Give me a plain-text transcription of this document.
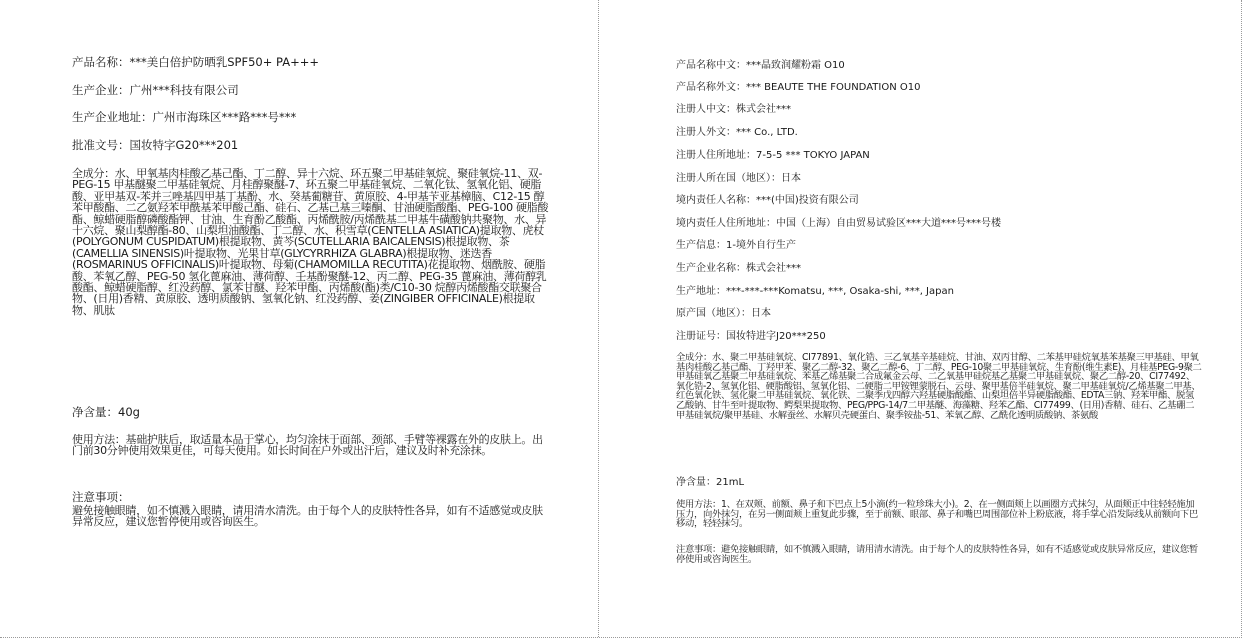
产品名称：***美白倍护防晒乳SPF50+ PA+++

生产企业：广州***科技有限公司

生产企业地址：广州市海珠区***路***号***

批准文号：国妆特字G20***201

全成分：水、甲氧基肉桂酸乙基己酯、丁二醇、异十六烷、环五聚二甲基硅氧烷、聚硅氧烷-11、双-PEG-15 甲基醚聚二甲基硅氧烷、月桂醇聚醚-7、环五聚二甲基硅氧烷、二氧化钛、氢氧化铝、硬脂酸、亚甲基双-苯并三唑基四甲基丁基酚、水、癸基葡糖苷、黄原胶、4-甲基苄亚基樟脑、C12-15 醇苯甲酸酯、二乙氨羟苯甲酰基苯甲酸己酯、硅石、乙基己基三嗪酮、甘油硬脂酸酯、PEG-100 硬脂酸酯、鲸蜡硬脂醇磷酸酯钾、甘油、生育酚乙酸酯、丙烯酰胺/丙烯酰基二甲基牛磺酸钠共聚物、水、异十六烷、聚山梨醇酯-80、山梨坦油酸酯、丁二醇、水、积雪草(CENTELLA ASIATICA)提取物、虎杖(POLYGONUM CUSPIDATUM)根提取物、黄芩(SCUTELLARIA BAICALENSIS)根提取物、茶(CAMELLIA SINENSIS)叶提取物、光果甘草(GLYCYRRHIZA GLABRA)根提取物、迷迭香(ROSMARINUS OFFICINALIS)叶提取物、母菊(CHAMOMILLA RECUTITA)花提取物、烟酰胺、硬脂酸、苯氧乙醇、PEG-50 氢化蓖麻油、薄荷醇、壬基酚聚醚-12、丙二醇、PEG-35 蓖麻油、薄荷醇乳酸酯、鲸蜡硬脂醇、红没药醇、氯苯甘醚、羟苯甲酯、丙烯酸(酯)类/C10-30 烷醇丙烯酸酯交联聚合物、(日用)香精、黄原胶、透明质酸钠、氢氧化钠、红没药醇、姜(ZINGIBER OFFICINALE)根提取物、肌肽

净含量：40g

使用方法：基础护肤后，取适量本品于掌心，均匀涂抹于面部、颈部、手臂等裸露在外的皮肤上。出门前30分钟使用效果更佳，可每天使用。如长时间在户外或出汗后，建议及时补充涂抹。

注意事项：

避免接触眼睛，如不慎溅入眼睛，请用清水清洗。由于每个人的皮肤特性各异，如有不适感觉或皮肤异常反应，建议您暂停使用或咨询医生。

产品名称中文：***晶致润耀粉霜 O10

产品名称外文：*** BEAUTE THE FOUNDATION O10

注册人中文：株式会社***

注册人外文：*** Co., LTD.

注册人住所地址：7-5-5 *** TOKYO JAPAN

注册人所在国（地区）：日本

境内责任人名称：***(中国)投资有限公司

境内责任人住所地址：中国（上海）自由贸易试验区***大道***号***号楼

生产信息：1-境外自行生产

生产企业名称：株式会社***

生产地址：***-***-***Komatsu, ***, Osaka-shi, ***, Japan

原产国（地区）：日本

注册证号：国妆特进字J20***250

全成分：水、聚二甲基硅氧烷、CI77891、氧化锆、三乙氧基辛基硅烷、甘油、双丙甘醇、二苯基甲硅烷氧基苯基聚三甲基硅、甲氧基肉桂酸乙基己酯、丁羟甲苯、聚乙二醇-32、聚乙二醇-6、丁二醇、PEG-10聚二甲基硅氧烷、生育酚(维生素E)、月桂基PEG-9聚二甲基硅氧乙基聚二甲基硅氧烷、苯基乙烯基聚二合成氟金云母、二乙氧基甲硅烷基乙基聚二甲基硅氧烷、聚乙二醇-20、CI77492、氧化锆-2、氢氧化铝、硬脂酸铝、氢氧化铝、二硬脂二甲铵锂蒙脱石、云母、聚甲基倍半硅氧烷、聚二甲基硅氧烷/乙烯基聚二甲基、红色氧化铁、氢化聚二甲基硅氧烷、氧化铁、二聚季戊四醇六羟基硬脂酸酯、山梨坦倍半异硬脂酸酯、EDTA三钠、羟苯甲酯、脱氢乙酸钠、甘牛至叶提取物、鳄梨果提取物、PEG/PPG-14/7二甲基醚、海藻糖、羟苯乙酯、CI77499、(日用)香精、硅石、乙基硼二甲基硅氧烷/聚甲基硅、水解蚕丝、水解贝壳硬蛋白、聚季铵盐-51、苯氧乙醇、乙酰化透明质酸钠、茶氨酸

净含量：21mL

使用方法：1、在双颊、前额、鼻子和下巴点上5小滴(约一粒珍珠大小)。2、在一侧面颊上以画圈方式抹匀，从面颊正中往轻轻施加压力，向外抹匀，在另一侧面颊上重复此步骤，至于前额、眼部、鼻子和嘴巴周围部位补上粉底液，将手掌心沿发际线从前额向下巴移动，轻轻抹匀。

注意事项：避免接触眼睛，如不慎溅入眼睛，请用清水清洗。由于每个人的皮肤特性各异，如有不适感觉或皮肤异常反应，建议您暂停使用或咨询医生。
